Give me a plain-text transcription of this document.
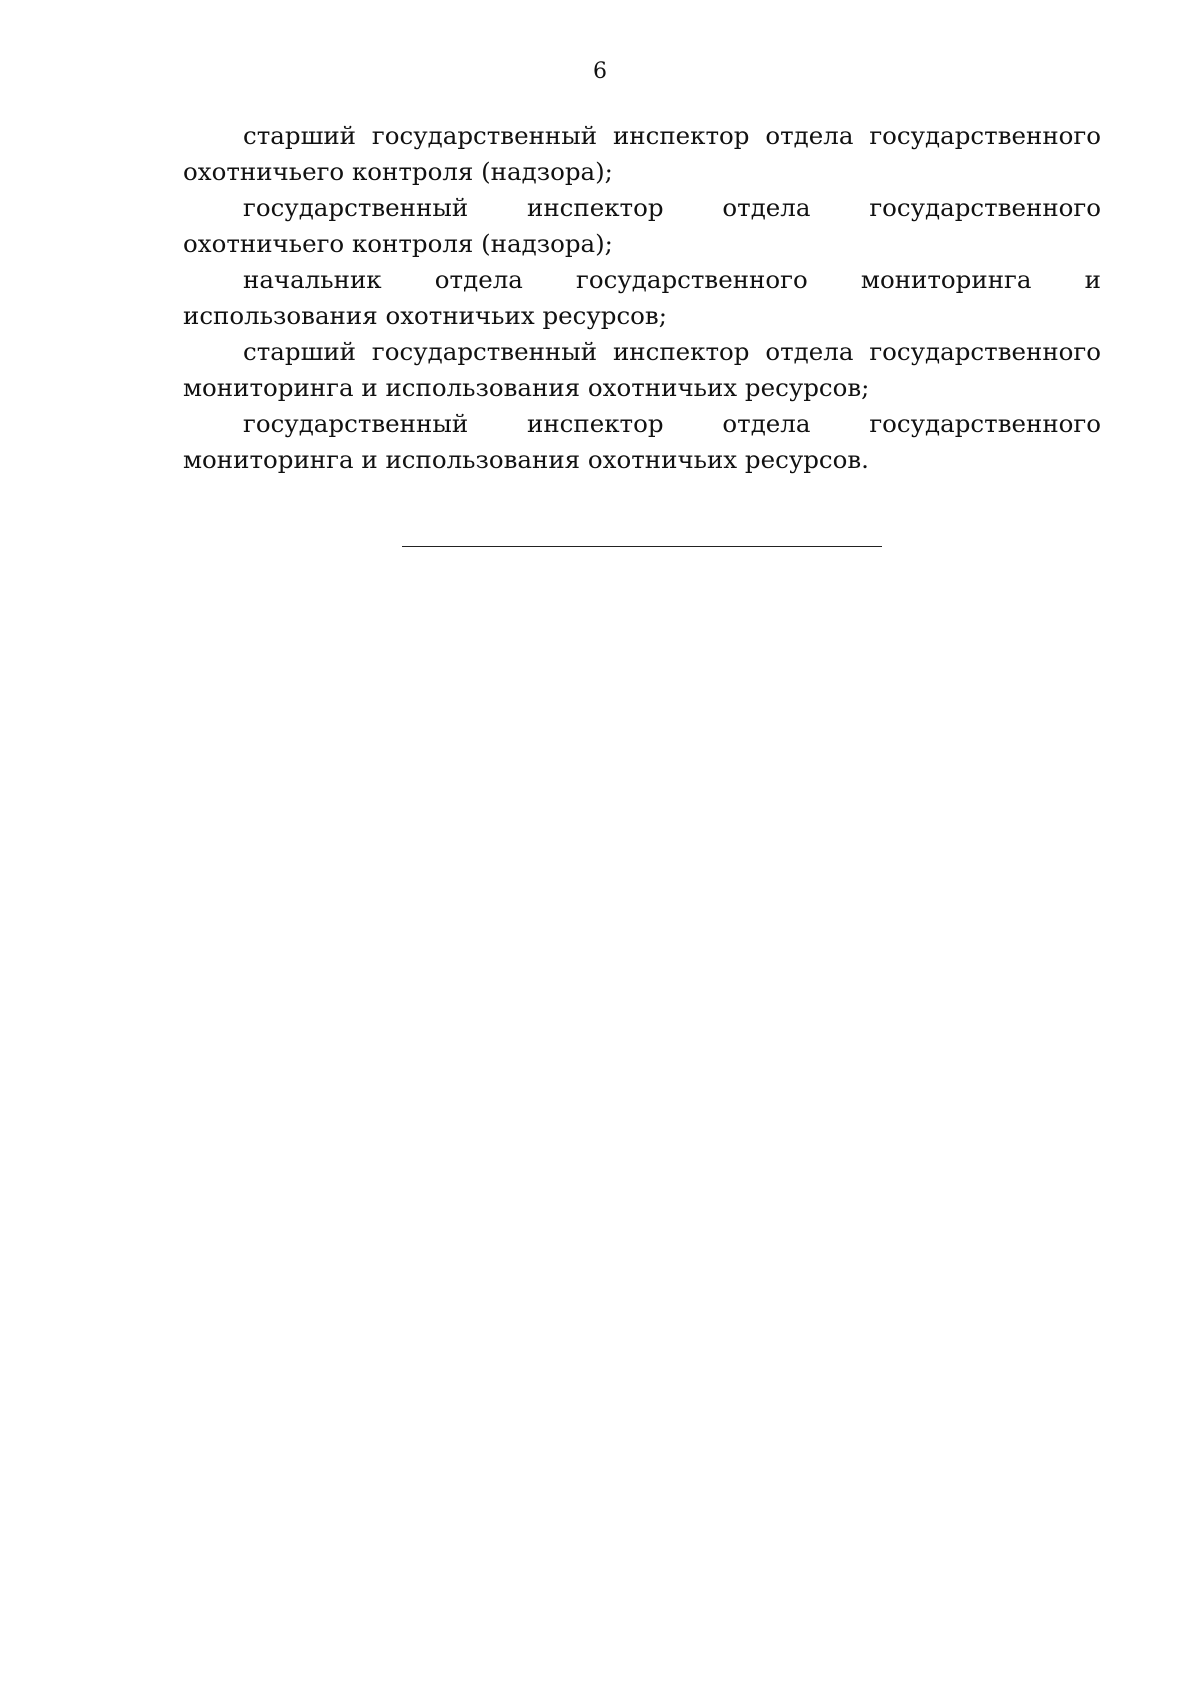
6

старший государственный инспектор отдела государственного охотничьего контроля (надзора);

государственный инспектор отдела государственного охотничьего контроля (надзора);

начальник отдела государственного мониторинга и использования охотничьих ресурсов;

старший государственный инспектор отдела государственного мониторинга и использования охотничьих ресурсов;

государственный инспектор отдела государственного мониторинга и использования охотничьих ресурсов.
